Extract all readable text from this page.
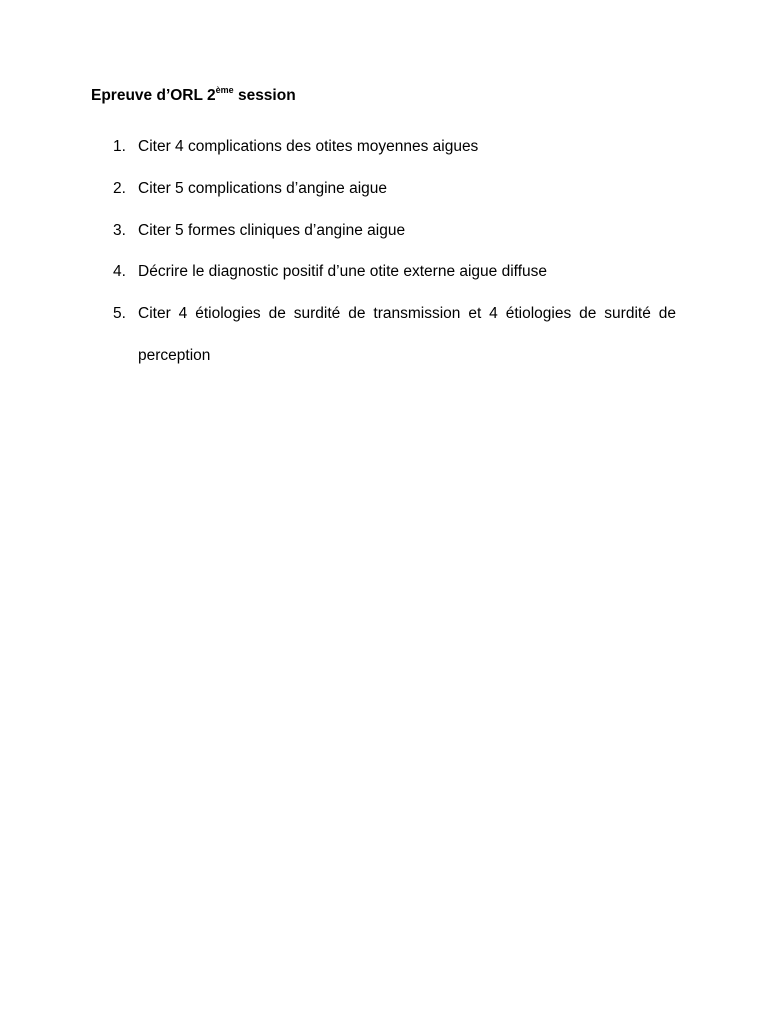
Epreuve d’ORL 2ème session

1. Citer 4 complications des otites moyennes aigues
2. Citer 5 complications d’angine aigue
3. Citer 5 formes cliniques d’angine aigue
4. Décrire le diagnostic positif d’une otite externe aigue diffuse
5. Citer 4 étiologies de surdité de transmission et 4 étiologies de surdité de
perception
